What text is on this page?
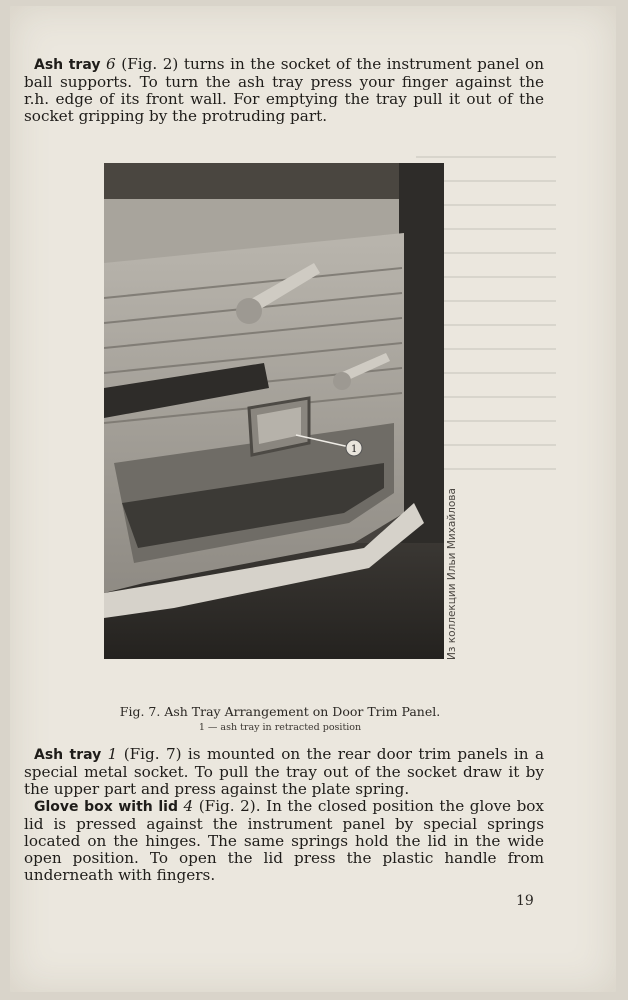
Ash tray 6 (Fig. 2) turns in the socket of the instrument panel on ball supports. To turn the ash tray press your finger against the r.h. edge of its front wall. For emptying the tray pull it out of the socket gripping by the protruding part.

1
Из коллекции Ильи Михайлова
Fig. 7. Ash Tray Arrangement on Door Trim Panel.
1 — ash tray in retracted position

Ash tray 1 (Fig. 7) is mounted on the rear door trim panels in a special metal socket. To pull the tray out of the socket draw it by the upper part and press against the plate spring.

Glove box with lid 4 (Fig. 2). In the closed position the glove box lid is pressed against the instrument panel by special springs located on the hinges. The same springs hold the lid in the wide open position. To open the lid press the plastic handle from underneath with fingers.

19
